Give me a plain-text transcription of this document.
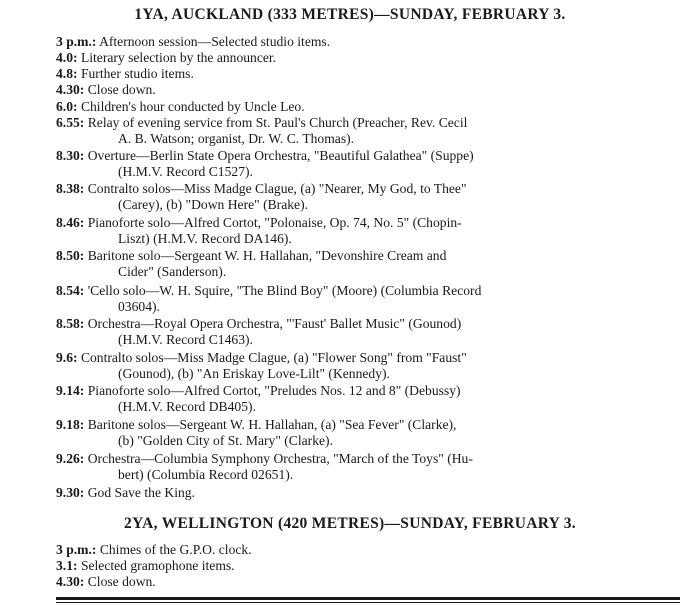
1YA, AUCKLAND (333 METRES)—SUNDAY, FEBRUARY 3.
3 p.m.: Afternoon session—Selected studio items.
4.0: Literary selection by the announcer.
4.8: Further studio items.
4.30: Close down.
6.0: Children's hour conducted by Uncle Leo.
6.55: Relay of evening service from St. Paul's Church (Preacher, Rev. Cecil
A. B. Watson; organist, Dr. W. C. Thomas).
8.30: Overture—Berlin State Opera Orchestra, "Beautiful Galathea" (Suppe)
(H.M.V. Record C1527).
8.38: Contralto solos—Miss Madge Clague, (a) "Nearer, My God, to Thee"
(Carey), (b) "Down Here" (Brake).
8.46: Pianoforte solo—Alfred Cortot, "Polonaise, Op. 74, No. 5" (Chopin-
Liszt) (H.M.V. Record DA146).
8.50: Baritone solo—Sergeant W. H. Hallahan, "Devonshire Cream and
Cider" (Sanderson).
8.54: 'Cello solo—W. H. Squire, "The Blind Boy" (Moore) (Columbia Record
03604).
8.58: Orchestra—Royal Opera Orchestra, "'Faust' Ballet Music" (Gounod)
(H.M.V. Record C1463).
9.6: Contralto solos—Miss Madge Clague, (a) "Flower Song" from "Faust"
(Gounod), (b) "An Eriskay Love-Lilt" (Kennedy).
9.14: Pianoforte solo—Alfred Cortot, "Preludes Nos. 12 and 8" (Debussy)
(H.M.V. Record DB405).
9.18: Baritone solos—Sergeant W. H. Hallahan, (a) "Sea Fever" (Clarke),
(b) "Golden City of St. Mary" (Clarke).
9.26: Orchestra—Columbia Symphony Orchestra, "March of the Toys" (Hu-
bert) (Columbia Record 02651).
9.30: God Save the King.
2YA, WELLINGTON (420 METRES)—SUNDAY, FEBRUARY 3.
3 p.m.: Chimes of the G.P.O. clock.
3.1: Selected gramophone items.
4.30: Close down.
